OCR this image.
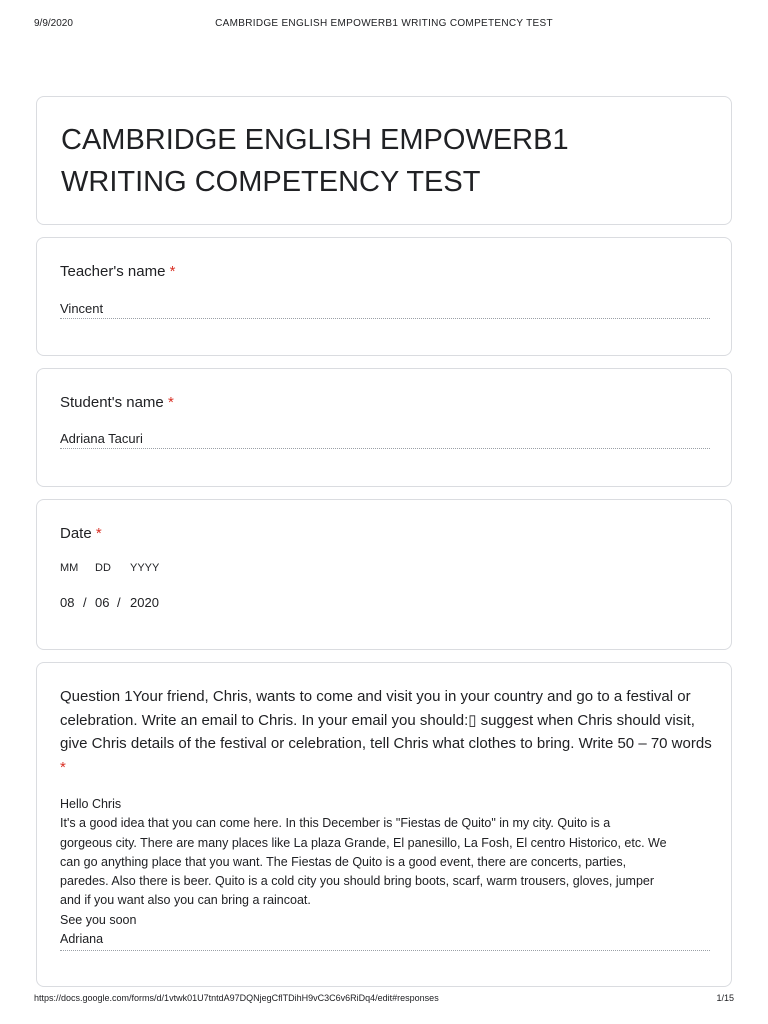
9/9/2020	CAMBRIDGE ENGLISH EMPOWERB1 WRITING COMPETENCY TEST
CAMBRIDGE ENGLISH EMPOWERB1 WRITING COMPETENCY TEST
Teacher's name *
Vincent
Student's name *
Adriana Tacuri
Date *
MM DD YYYY
08 / 06 / 2020
Question 1Your friend, Chris, wants to come and visit you in your country and go to a festival or celebration. Write an email to Chris. In your email you should:▯ suggest when Chris should visit, give Chris details of the festival or celebration, tell Chris what clothes to bring. Write 50 – 70 words *
Hello Chris
It's a good idea that you can come here. In this December is "Fiestas de Quito" in my city. Quito is a
gorgeous city. There are many places like La plaza Grande, El panesillo, La Fosh, El centro Historico, etc. We
can go anything place that you want. The Fiestas de Quito is a good event, there are concerts, parties,
paredes. Also there is beer. Quito is a cold city you should bring boots, scarf, warm trousers, gloves, jumper
and if you want also you can bring a raincoat.
See you soon
Adriana
https://docs.google.com/forms/d/1vtwk01U7tntdA97DQNjegCflTDihH9vC3C6v6RiDq4/edit#responses	1/15
